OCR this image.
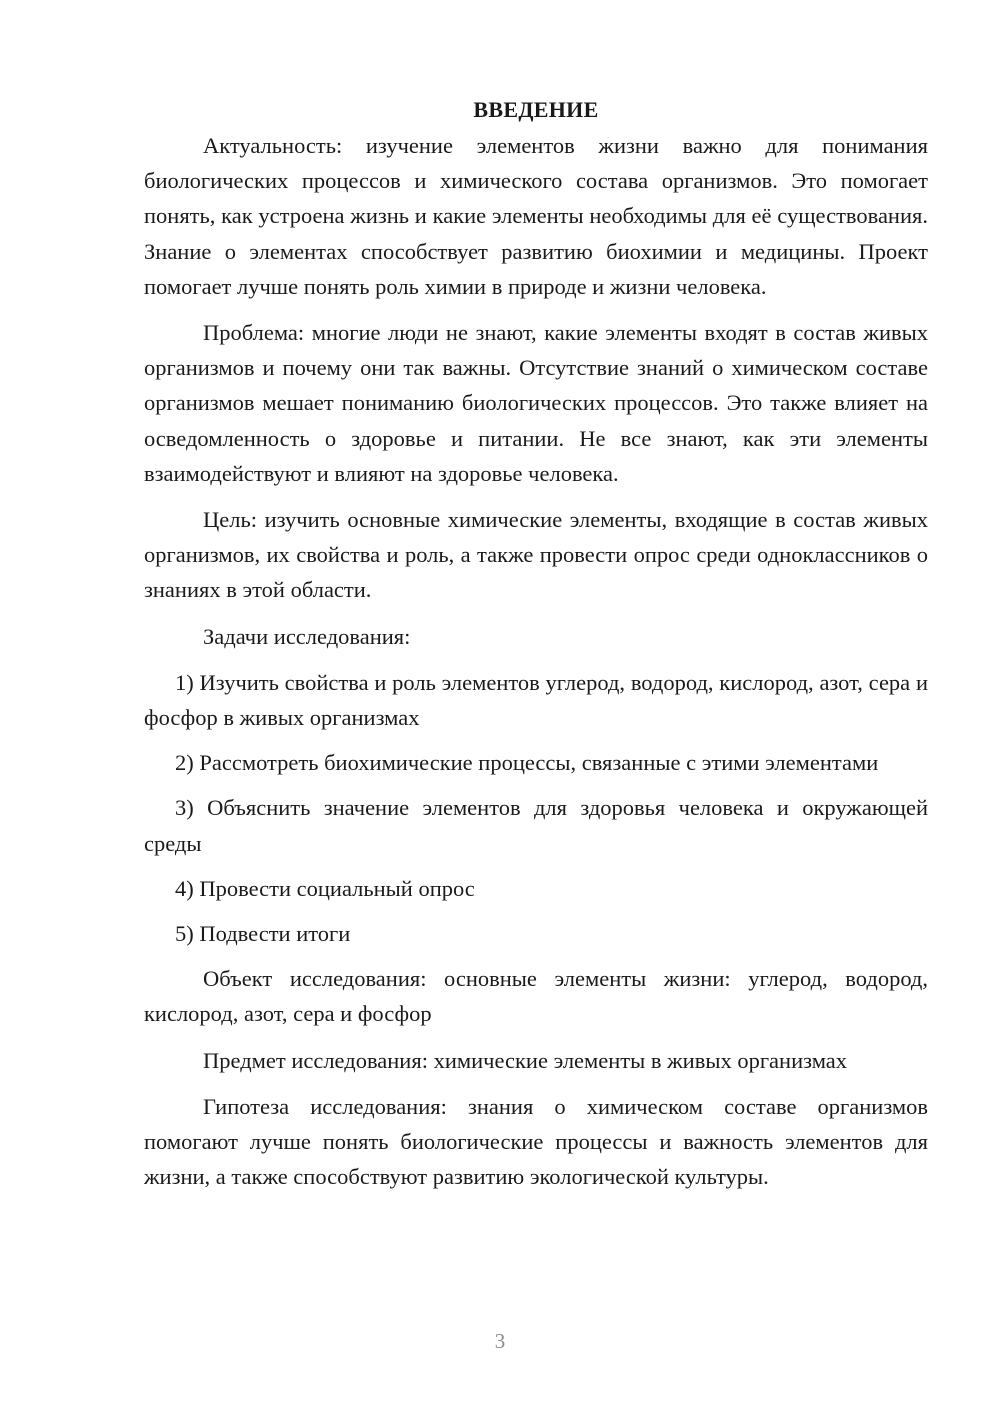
ВВЕДЕНИЕ

Актуальность: изучение элементов жизни важно для понимания биологических процессов и химического состава организмов. Это помогает понять, как устроена жизнь и какие элементы необходимы для её существования. Знание о элементах способствует развитию биохимии и медицины. Проект помогает лучше понять роль химии в природе и жизни человека.

Проблема: многие люди не знают, какие элементы входят в состав живых организмов и почему они так важны. Отсутствие знаний о химическом составе организмов мешает пониманию биологических процессов. Это также влияет на осведомленность о здоровье и питании. Не все знают, как эти элементы взаимодействуют и влияют на здоровье человека.

Цель: изучить основные химические элементы, входящие в состав живых организмов, их свойства и роль, а также провести опрос среди одноклассников о знаниях в этой области.

Задачи исследования:

1) Изучить свойства и роль элементов углерод, водород, кислород, азот, сера и фосфор в живых организмах

2) Рассмотреть биохимические процессы, связанные с этими элементами

3) Объяснить значение элементов для здоровья человека и окружающей среды

4) Провести социальный опрос

5) Подвести итоги

Объект исследования: основные элементы жизни: углерод, водород, кислород, азот, сера и фосфор

Предмет исследования: химические элементы в живых организмах

Гипотеза исследования: знания о химическом составе организмов помогают лучше понять биологические процессы и важность элементов для жизни, а также способствуют развитию экологической культуры.

3
